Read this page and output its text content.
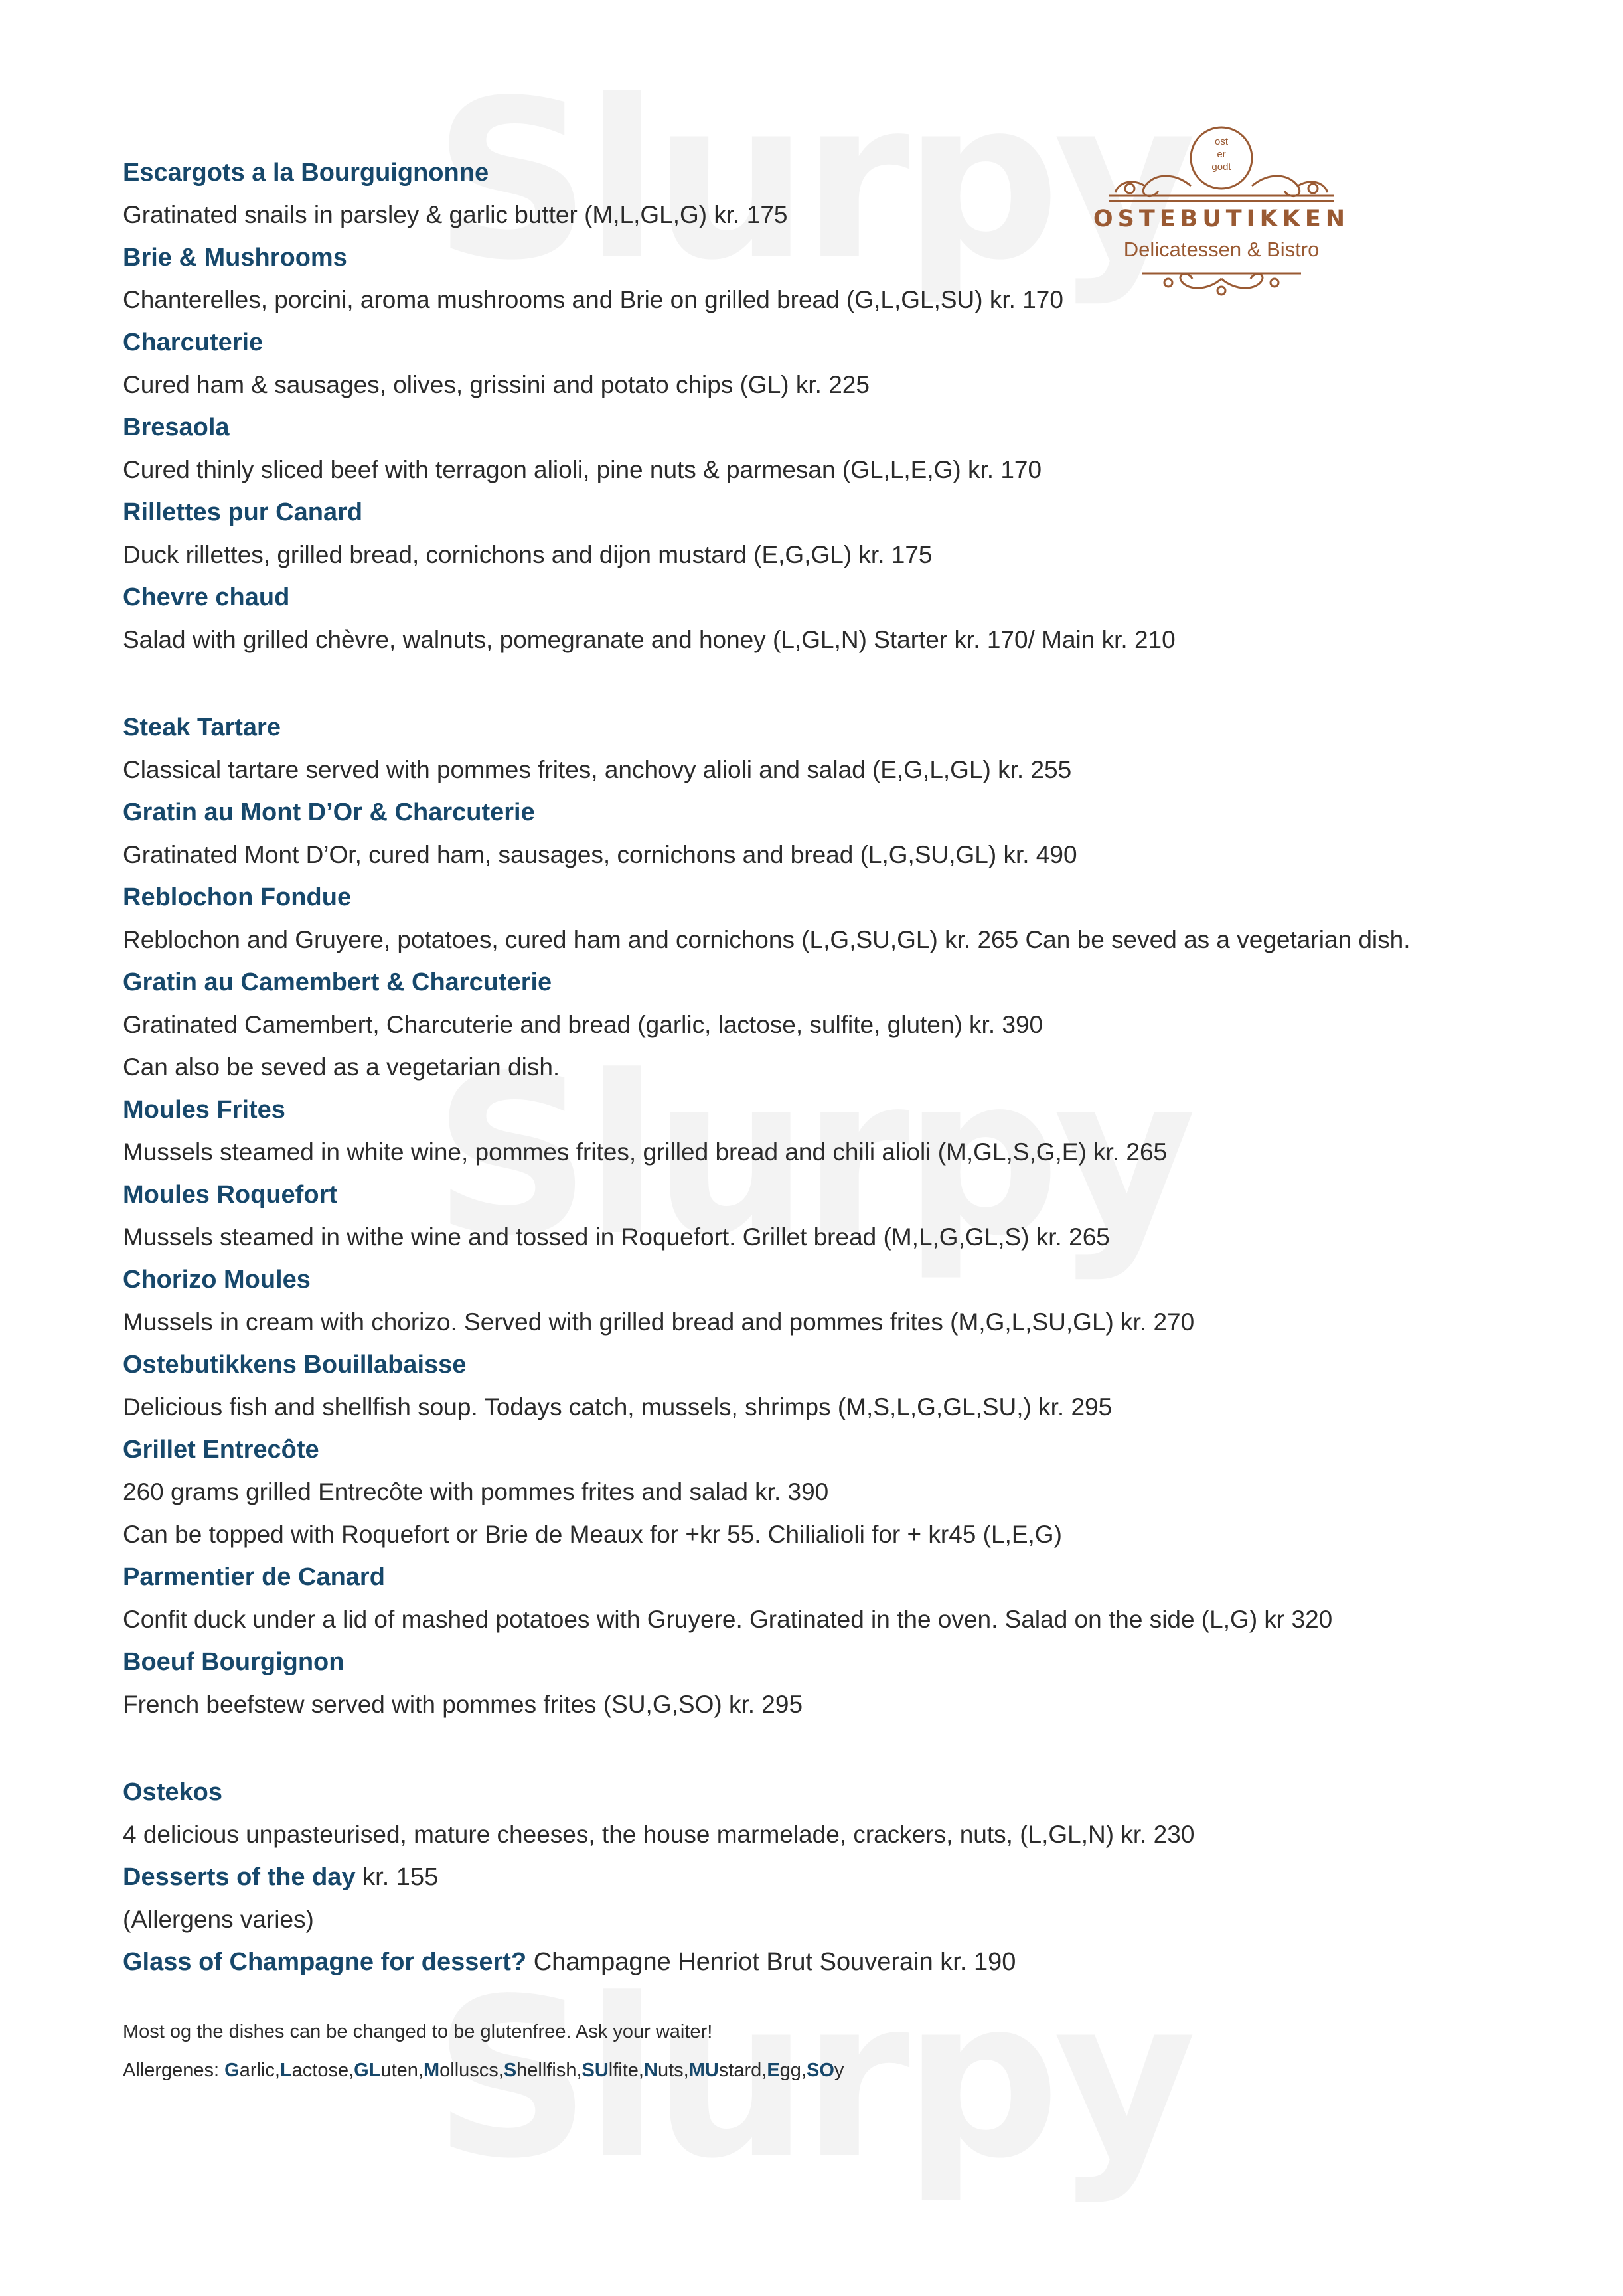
ost
er
godt
OSTEBUTIKKEN
Delicatessen & Bistro

Escargots a la Bourguignonne

Gratinated snails in parsley & garlic butter (M,L,GL,G) kr. 175

Brie & Mushrooms

Chanterelles, porcini, aroma mushrooms and Brie on grilled bread (G,L,GL,SU) kr. 170

Charcuterie

Cured ham & sausages, olives, grissini and potato chips (GL) kr. 225

Bresaola

Cured thinly sliced beef with terragon alioli, pine nuts & parmesan (GL,L,E,G) kr. 170

Rillettes pur Canard

Duck rillettes, grilled bread, cornichons and dijon mustard (E,G,GL) kr. 175

Chevre chaud

Salad with grilled chèvre, walnuts, pomegranate and honey (L,GL,N) Starter kr. 170/ Main kr. 210

Steak Tartare

Classical tartare served with pommes frites, anchovy alioli and salad (E,G,L,GL) kr. 255

Gratin au Mont D’Or & Charcuterie

Gratinated Mont D’Or, cured ham, sausages, cornichons and bread (L,G,SU,GL) kr. 490

Reblochon Fondue

Reblochon and Gruyere, potatoes, cured ham and cornichons (L,G,SU,GL) kr. 265 Can be seved as a vegetarian dish.

Gratin au Camembert & Charcuterie

Gratinated Camembert, Charcuterie and bread (garlic, lactose, sulfite, gluten) kr. 390

Can also be seved as a vegetarian dish.

Moules Frites

Mussels steamed in white wine, pommes frites, grilled bread and chili alioli (M,GL,S,G,E) kr. 265

Moules Roquefort

Mussels steamed in withe wine and tossed in Roquefort. Grillet bread (M,L,G,GL,S) kr. 265

Chorizo Moules

Mussels in cream with chorizo. Served with grilled bread and pommes frites (M,G,L,SU,GL) kr. 270

Ostebutikkens Bouillabaisse

Delicious fish and shellfish soup. Todays catch, mussels, shrimps (M,S,L,G,GL,SU,) kr. 295

Grillet Entrecôte

260 grams grilled Entrecôte with pommes frites and salad kr. 390

Can be topped with Roquefort or Brie de Meaux for +kr 55. Chilialioli for + kr45 (L,E,G)

Parmentier de Canard

Confit duck under a lid of mashed potatoes with Gruyere. Gratinated in the oven. Salad on the side (L,G) kr 320

Boeuf Bourgignon

French beefstew served with pommes frites (SU,G,SO) kr. 295

Ostekos

4 delicious unpasteurised, mature cheeses, the house marmelade, crackers, nuts, (L,GL,N) kr. 230

Desserts of the day kr. 155

(Allergens varies)

Glass of Champagne for dessert? Champagne Henriot Brut Souverain kr. 190

Most og the dishes can be changed to be glutenfree. Ask your waiter!

Allergenes: Garlic,Lactose,GLuten,Molluscs,Shellfish,SUlfite,Nuts,MUstard,Egg,SOy
